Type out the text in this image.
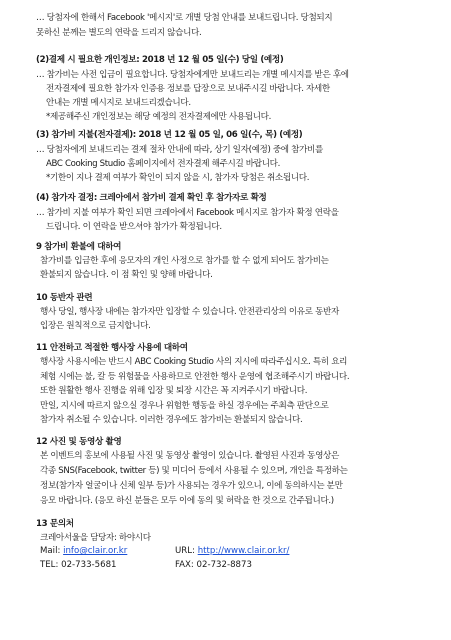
… 당첨자에 한해서 Facebook '메시지'로 개별 당첨 안내를 보내드립니다. 당첨되지
못하신 분께는 별도의 연락을 드리지 않습니다.
(2)결제 시 필요한 개인정보: 2018 년 12 월 05 일(수) 당일 (예정)
… 참가비는 사전 입금이 필요합니다. 당첨자에게만 보내드리는 개별 메시지를 받은 후에
전자결제에 필요한 참가자 인증용 정보를 답장으로 보내주시길 바랍니다. 자세한
안내는 개별 메시지로 보내드리겠습니다.
*제공해주신 개인정보는 해당 예정의 전자결제에만 사용됩니다.
(3) 참가비 지불(전자결제): 2018 년 12 월 05 일, 06 일(수, 목) (예정)
… 당첨자에게 보내드리는 결제 절차 안내에 따라, 상기 일자(예정) 중에 참가비를
ABC Cooking Studio 홈페이지에서 전자결제 해주시길 바랍니다.
*기한이 지나 결제 여부가 확인이 되지 않을 시, 참가자 당첨은 취소됩니다.
(4) 참가자 결정: 크레아에서 참가비 결제 확인 후 참가자로 확정
… 참가비 지불 여부가 확인 되면 크레아에서 Facebook 메시지로 참가자 확정 연락을
드립니다. 이 연락을 받으셔야 참가가 확정됩니다.
9 참가비 환불에 대하여
참가비를 입금한 후에 응모자의 개인 사정으로 참가를 할 수 없게 되어도 참가비는
환불되지 않습니다. 이 점 확인 및 양해 바랍니다.
10 동반자 관련
행사 당일, 행사장 내에는 참가자만 입장할 수 있습니다. 안전관리상의 이유로 동반자
입장은 원칙적으로 금지합니다.
11 안전하고 적절한 행사장 사용에 대하여
행사장 사용시에는 반드시 ABC Cooking Studio 사의 지시에 따라주십시오. 특히 요리
체험 시에는 불, 칼 등 위험물을 사용하므로 안전한 행사 운영에 협조해주시기 바랍니다.
또한 원활한 행사 진행을 위해 입장 및 퇴장 시간은 꼭 지켜주시기 바랍니다.
만일, 지시에 따르지 않으실 경우나 위험한 행동을 하실 경우에는 주최측 판단으로
참가자 취소될 수 있습니다. 이러한 경우에도 참가비는 환불되지 않습니다.
12 사진 및 동영상 촬영
본 이벤트의 홍보에 사용될 사진 및 동영상 촬영이 있습니다. 촬영된 사진과 동영상은
각종 SNS(Facebook, twitter 등) 및 미디어 등에서 사용될 수 있으며, 개인을 특정하는
정보(참가자 얼굴이나 신체 일부 등)가 사용되는 경우가 있으니, 이에 동의하시는 분만
응모 바랍니다. (응모 하신 분들은 모두 이에 동의 및 허락을 한 것으로 간주됩니다.)
13 문의처
크레아서울을 담당자: 하야시다
Mail: info@clair.or.kr	URL: http://www.clair.or.kr/
TEL: 02-733-5681	FAX: 02-732-8873
